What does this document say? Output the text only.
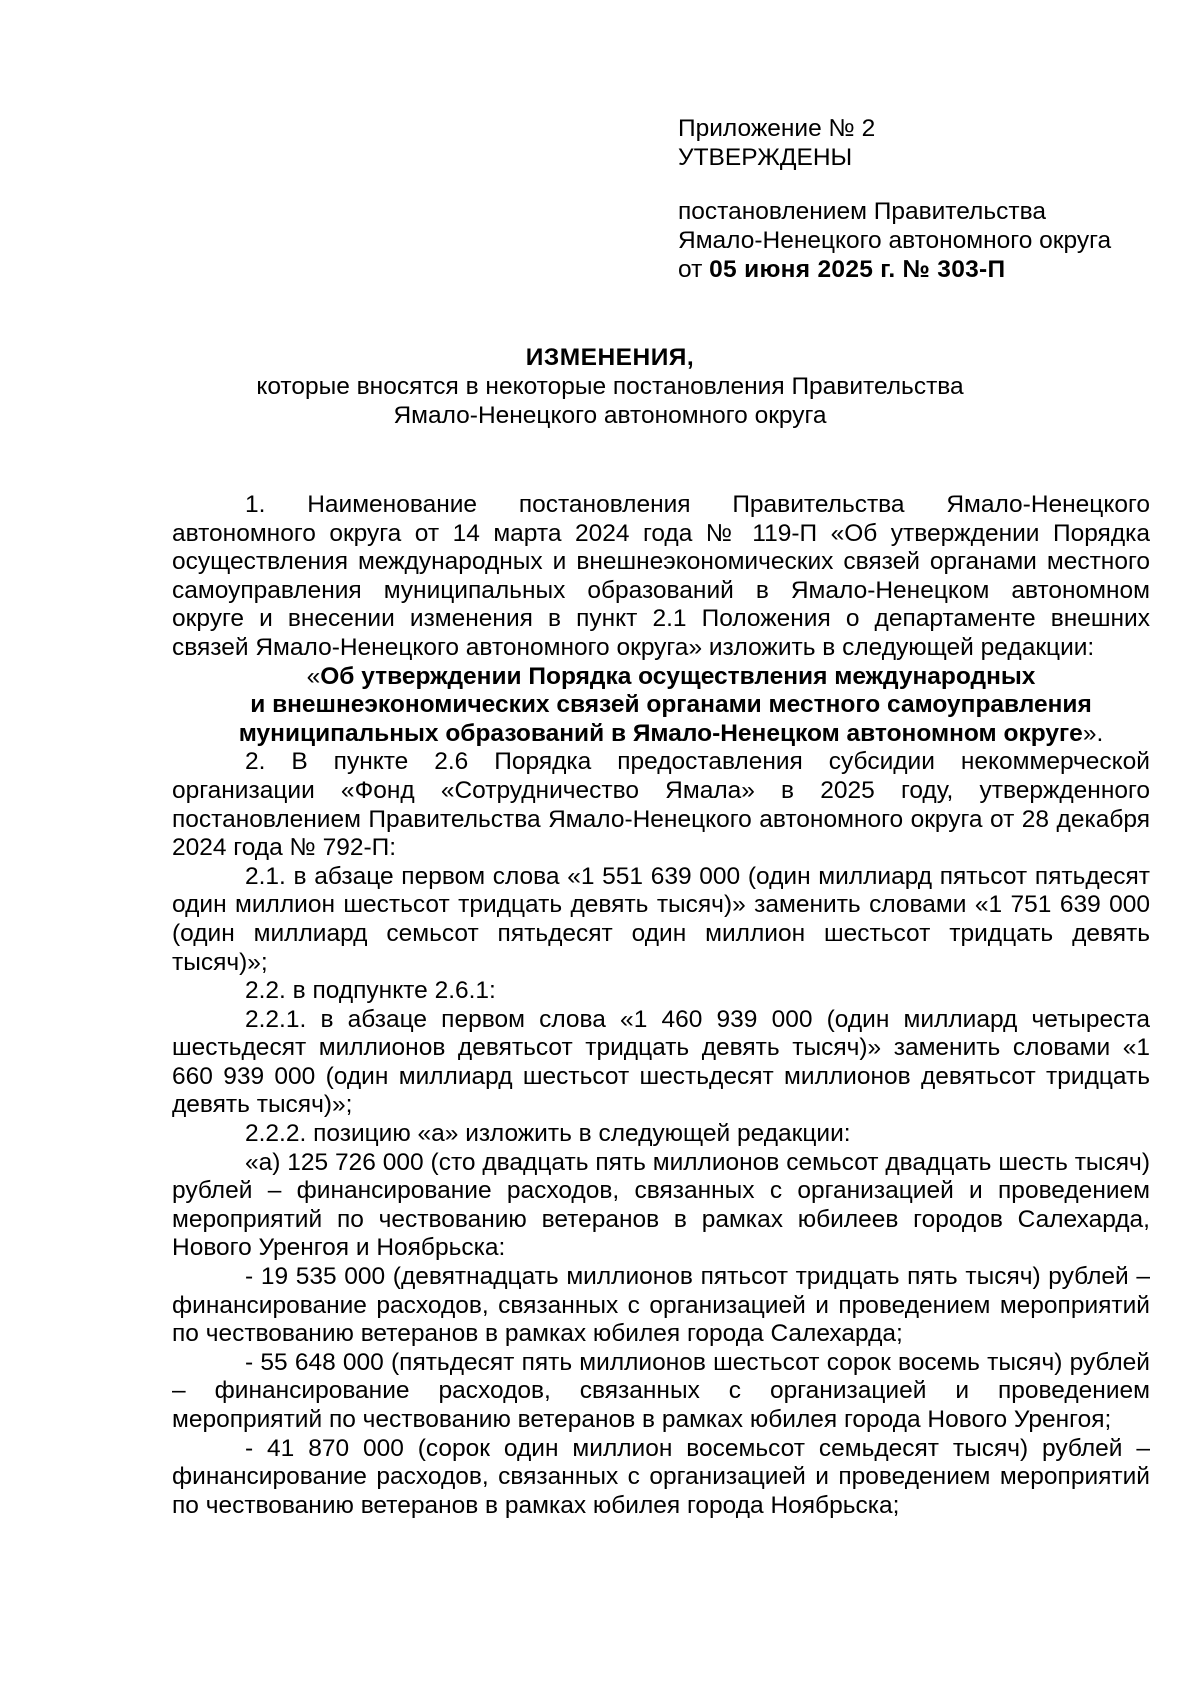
Приложение № 2
УТВЕРЖДЕНЫ
постановлением Правительства
Ямало-Ненецкого автономного округа
от 05 июня 2025 г. № 303-П
ИЗМЕНЕНИЯ,
которые вносятся в некоторые постановления Правительства
Ямало-Ненецкого автономного округа

1. Наименование постановления Правительства Ямало-Ненецкого автономного округа от 14 марта 2024 года № 119-П «Об утверждении Порядка осуществления международных и внешнеэкономических связей органами местного самоуправления муниципальных образований в Ямало-Ненецком автономном округе и внесении изменения в пункт 2.1 Положения о департаменте внешних связей Ямало-Ненецкого автономного округа» изложить в следующей редакции:

«Об утверждении Порядка осуществления международных
и внешнеэкономических связей органами местного самоуправления
муниципальных образований в Ямало-Ненецком автономном округе».

2. В пункте 2.6 Порядка предоставления субсидии некоммерческой организации «Фонд «Сотрудничество Ямала» в 2025 году, утвержденного постановлением Правительства Ямало-Ненецкого автономного округа от 28 декабря 2024 года № 792-П:

2.1. в абзаце первом слова «1 551 639 000 (один миллиард пятьсот пятьдесят один миллион шестьсот тридцать девять тысяч)» заменить словами «1 751 639 000 (один миллиард семьсот пятьдесят один миллион шестьсот тридцать девять тысяч)»;

2.2. в подпункте 2.6.1:

2.2.1. в абзаце первом слова «1 460 939 000 (один миллиард четыреста шестьдесят миллионов девятьсот тридцать девять тысяч)» заменить словами «1 660 939 000 (один миллиард шестьсот шестьдесят миллионов девятьсот тридцать девять тысяч)»;

2.2.2. позицию «а» изложить в следующей редакции:

«а) 125 726 000 (сто двадцать пять миллионов семьсот двадцать шесть тысяч) рублей – финансирование расходов, связанных с организацией и проведением мероприятий по чествованию ветеранов в рамках юбилеев городов Салехарда, Нового Уренгоя и Ноябрьска:

- 19 535 000 (девятнадцать миллионов пятьсот тридцать пять тысяч) рублей – финансирование расходов, связанных с организацией и проведением мероприятий по чествованию ветеранов в рамках юбилея города Салехарда;

- 55 648 000 (пятьдесят пять миллионов шестьсот сорок восемь тысяч) рублей – финансирование расходов, связанных с организацией и проведением мероприятий по чествованию ветеранов в рамках юбилея города Нового Уренгоя;

- 41 870 000 (сорок один миллион восемьсот семьдесят тысяч) рублей – финансирование расходов, связанных с организацией и проведением мероприятий по чествованию ветеранов в рамках юбилея города Ноябрьска;
